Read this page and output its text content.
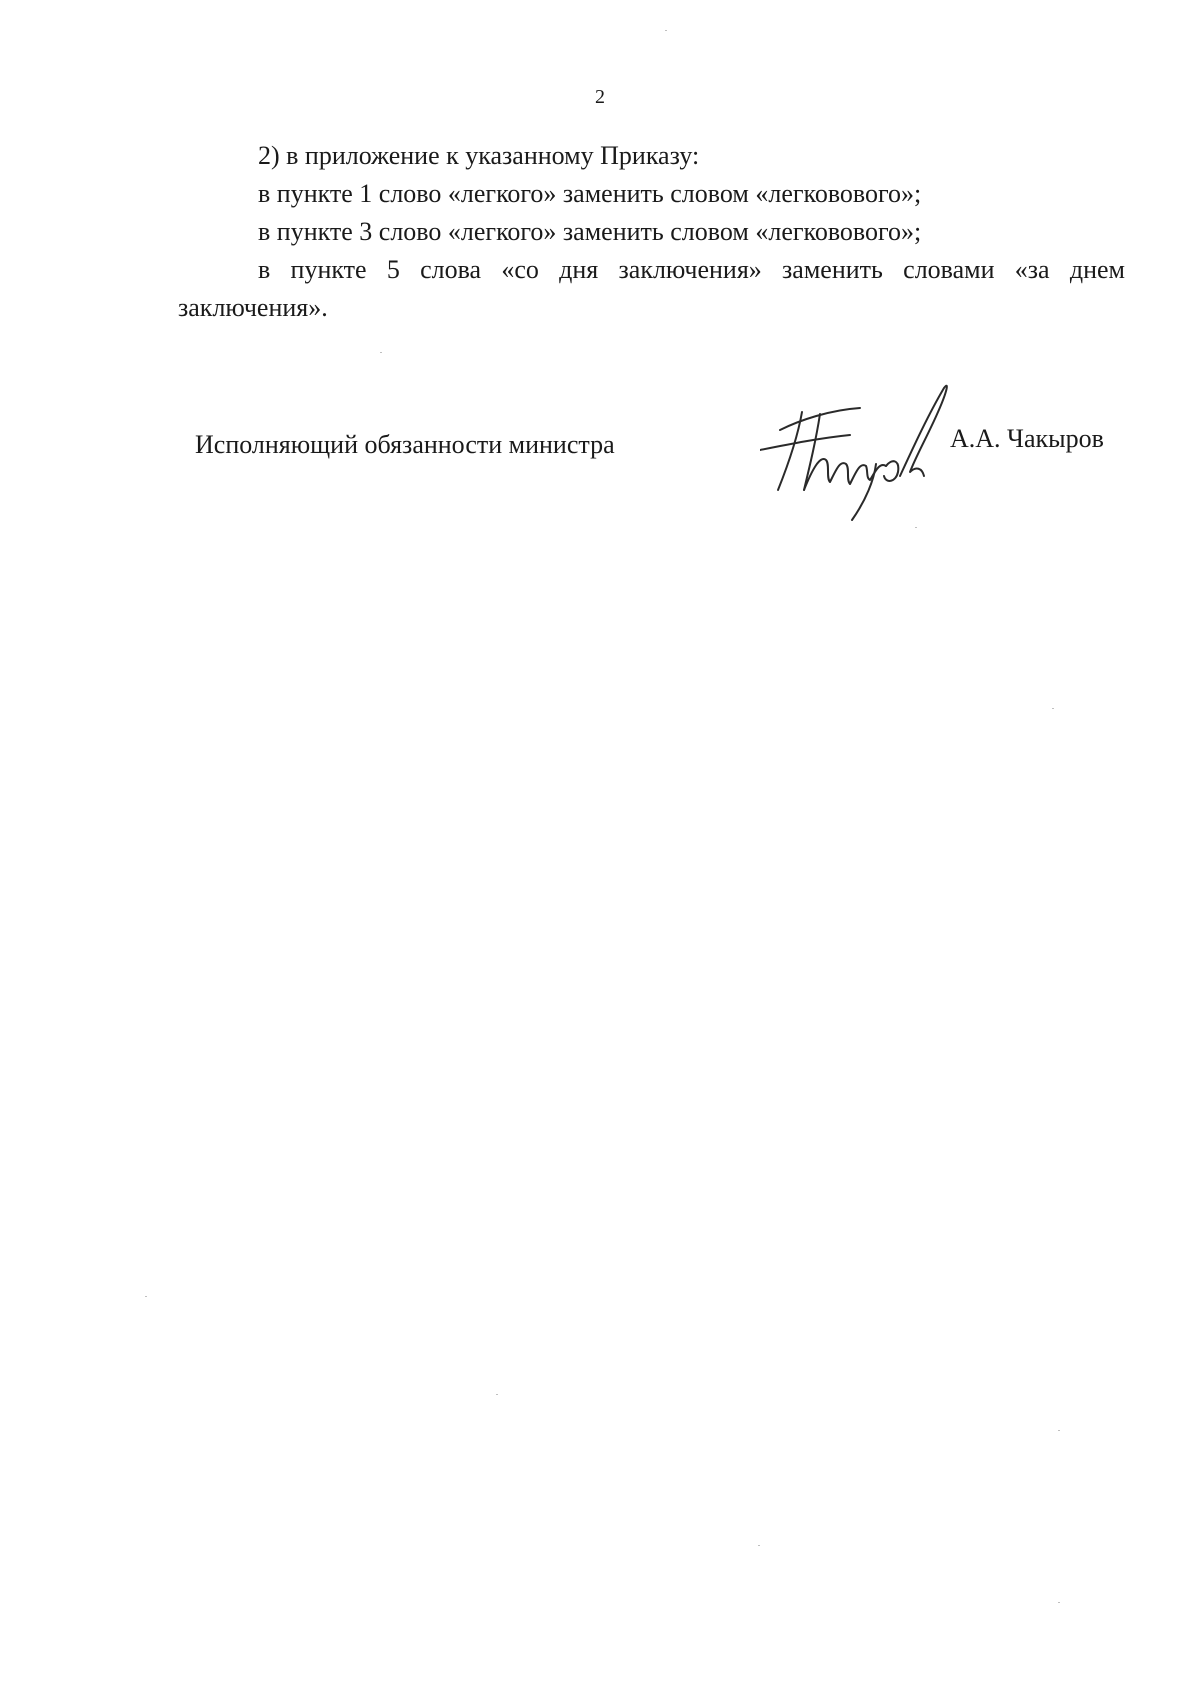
2

2) в приложение к указанному Приказу:

в пункте 1 слово «легкого» заменить словом «легковового»;

в пункте 3 слово «легкого» заменить словом «легковового»;

в пункте 5 слова «со дня заключения» заменить словами «за днем

заключения».

Исполняющий обязанности министра	А.А. Чакыров
